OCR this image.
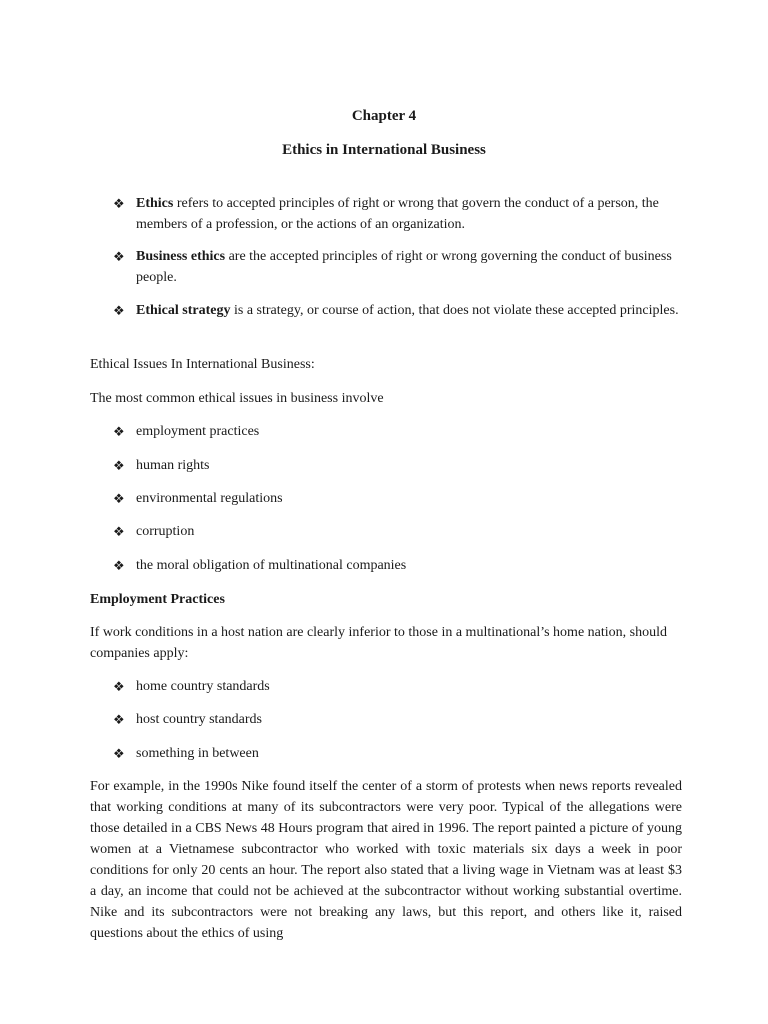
Chapter 4
Ethics in International Business
❖ Ethics refers to accepted principles of right or wrong that govern the conduct of a person, the members of a profession, or the actions of an organization.
❖ Business ethics are the accepted principles of right or wrong governing the conduct of business people.
❖ Ethical strategy is a strategy, or course of action, that does not violate these accepted principles.
Ethical Issues In International Business:
The most common ethical issues in business involve
❖ employment practices
❖ human rights
❖ environmental regulations
❖ corruption
❖ the moral obligation of multinational companies
Employment Practices
If work conditions in a host nation are clearly inferior to those in a multinational’s home nation, should companies apply:
❖ home country standards
❖ host country standards
❖ something in between
For example, in the 1990s Nike found itself the center of a storm of protests when news reports revealed that working conditions at many of its subcontractors were very poor. Typical of the allegations were those detailed in a CBS News 48 Hours program that aired in 1996. The report painted a picture of young women at a Vietnamese subcontractor who worked with toxic materials six days a week in poor conditions for only 20 cents an hour. The report also stated that a living wage in Vietnam was at least $3 a day, an income that could not be achieved at the subcontractor without working substantial overtime. Nike and its subcontractors were not breaking any laws, but this report, and others like it, raised questions about the ethics of using
